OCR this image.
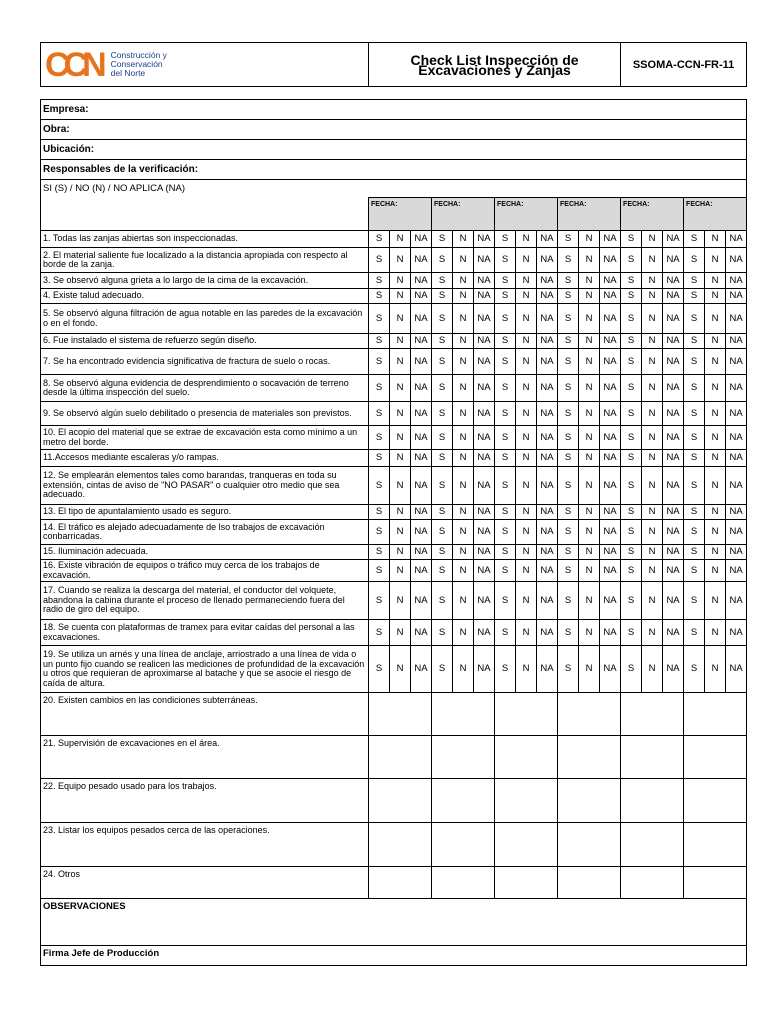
CCN Construcción y
Conservación
del Norte	Check List Inspección de Excavaciones y Zanjas												SSOMA-CCN-FR-11					

Empresa:																		
Obra:																		
Ubicación:																		
Responsables de la verificación:																		
SI (S) / NO (N) / NO APLICA (NA)																		
	FECHA:			FECHA:			FECHA:			FECHA:			FECHA:			FECHA:		
1. Todas las zanjas abiertas son inspeccionadas.	S	N	NA	S	N	NA	S	N	NA	S	N	NA	S	N	NA	S	N	NA
2. El material saliente fue localizado a la distancia apropiada con respecto al borde de la zanja.	S	N	NA	S	N	NA	S	N	NA	S	N	NA	S	N	NA	S	N	NA
3. Se observó alguna grieta a lo largo de la cima de la excavación.	S	N	NA	S	N	NA	S	N	NA	S	N	NA	S	N	NA	S	N	NA
4. Existe talud adecuado.	S	N	NA	S	N	NA	S	N	NA	S	N	NA	S	N	NA	S	N	NA
5. Se observó alguna filtración de agua notable en las paredes de la excavación o en el fondo.	S	N	NA	S	N	NA	S	N	NA	S	N	NA	S	N	NA	S	N	NA
6. Fue instalado el sistema de refuerzo según diseño.	S	N	NA	S	N	NA	S	N	NA	S	N	NA	S	N	NA	S	N	NA
7. Se ha encontrado evidencia significativa de fractura de suelo o rocas.	S	N	NA	S	N	NA	S	N	NA	S	N	NA	S	N	NA	S	N	NA
8. Se observó alguna evidencia de desprendimiento o socavación de terreno desde la última inspección del suelo.	S	N	NA	S	N	NA	S	N	NA	S	N	NA	S	N	NA	S	N	NA
9. Se observó algún suelo debilitado o presencia de materiales son previstos.	S	N	NA	S	N	NA	S	N	NA	S	N	NA	S	N	NA	S	N	NA
10. El acopio del material que se extrae de excavación esta como mínimo a un metro del borde.	S	N	NA	S	N	NA	S	N	NA	S	N	NA	S	N	NA	S	N	NA
11.Accesos mediante escaleras y/o rampas.	S	N	NA	S	N	NA	S	N	NA	S	N	NA	S	N	NA	S	N	NA
12. Se emplearán elementos tales como barandas, tranqueras en toda su extensión, cintas de aviso de "NO PASAR" o cualquier otro medio que sea adecuado.	S	N	NA	S	N	NA	S	N	NA	S	N	NA	S	N	NA	S	N	NA
13. El tipo de apuntalamiento usado es seguro.	S	N	NA	S	N	NA	S	N	NA	S	N	NA	S	N	NA	S	N	NA
14. El tráfico es alejado adecuadamente de lso trabajos de excavación conbarricadas.	S	N	NA	S	N	NA	S	N	NA	S	N	NA	S	N	NA	S	N	NA
15. Iluminación adecuada.	S	N	NA	S	N	NA	S	N	NA	S	N	NA	S	N	NA	S	N	NA
16. Existe vibración de equipos o tráfico muy cerca de los trabajos de excavación.	S	N	NA	S	N	NA	S	N	NA	S	N	NA	S	N	NA	S	N	NA
17. Cuando se realiza la descarga del material, el conductor del volquete, abandona la cabina durante el proceso de llenado permaneciendo fuera del radio de giro del equipo.	S	N	NA	S	N	NA	S	N	NA	S	N	NA	S	N	NA	S	N	NA
18. Se cuenta con plataformas de tramex para evitar caídas del personal a las excavaciones.	S	N	NA	S	N	NA	S	N	NA	S	N	NA	S	N	NA	S	N	NA
19. Se utiliza un arnés y una línea de anclaje, arriostrado a una línea de vida o un punto fijo cuando se realicen las mediciones de profundidad de la excavación u otros que requieran de aproximarse al batache y que se asocie el riesgo de caída de altura.	S	N	NA	S	N	NA	S	N	NA	S	N	NA	S	N	NA	S	N	NA
20. Existen cambios en las condiciones subterráneas.																		
21. Supervisión de excavaciones en el área.																		
22. Equipo pesado usado para los trabajos.																		
23. Listar los equipos pesados cerca de las operaciones.																		
24. Otros																		
OBSERVACIONES																		
Firma Jefe de Producción																		
